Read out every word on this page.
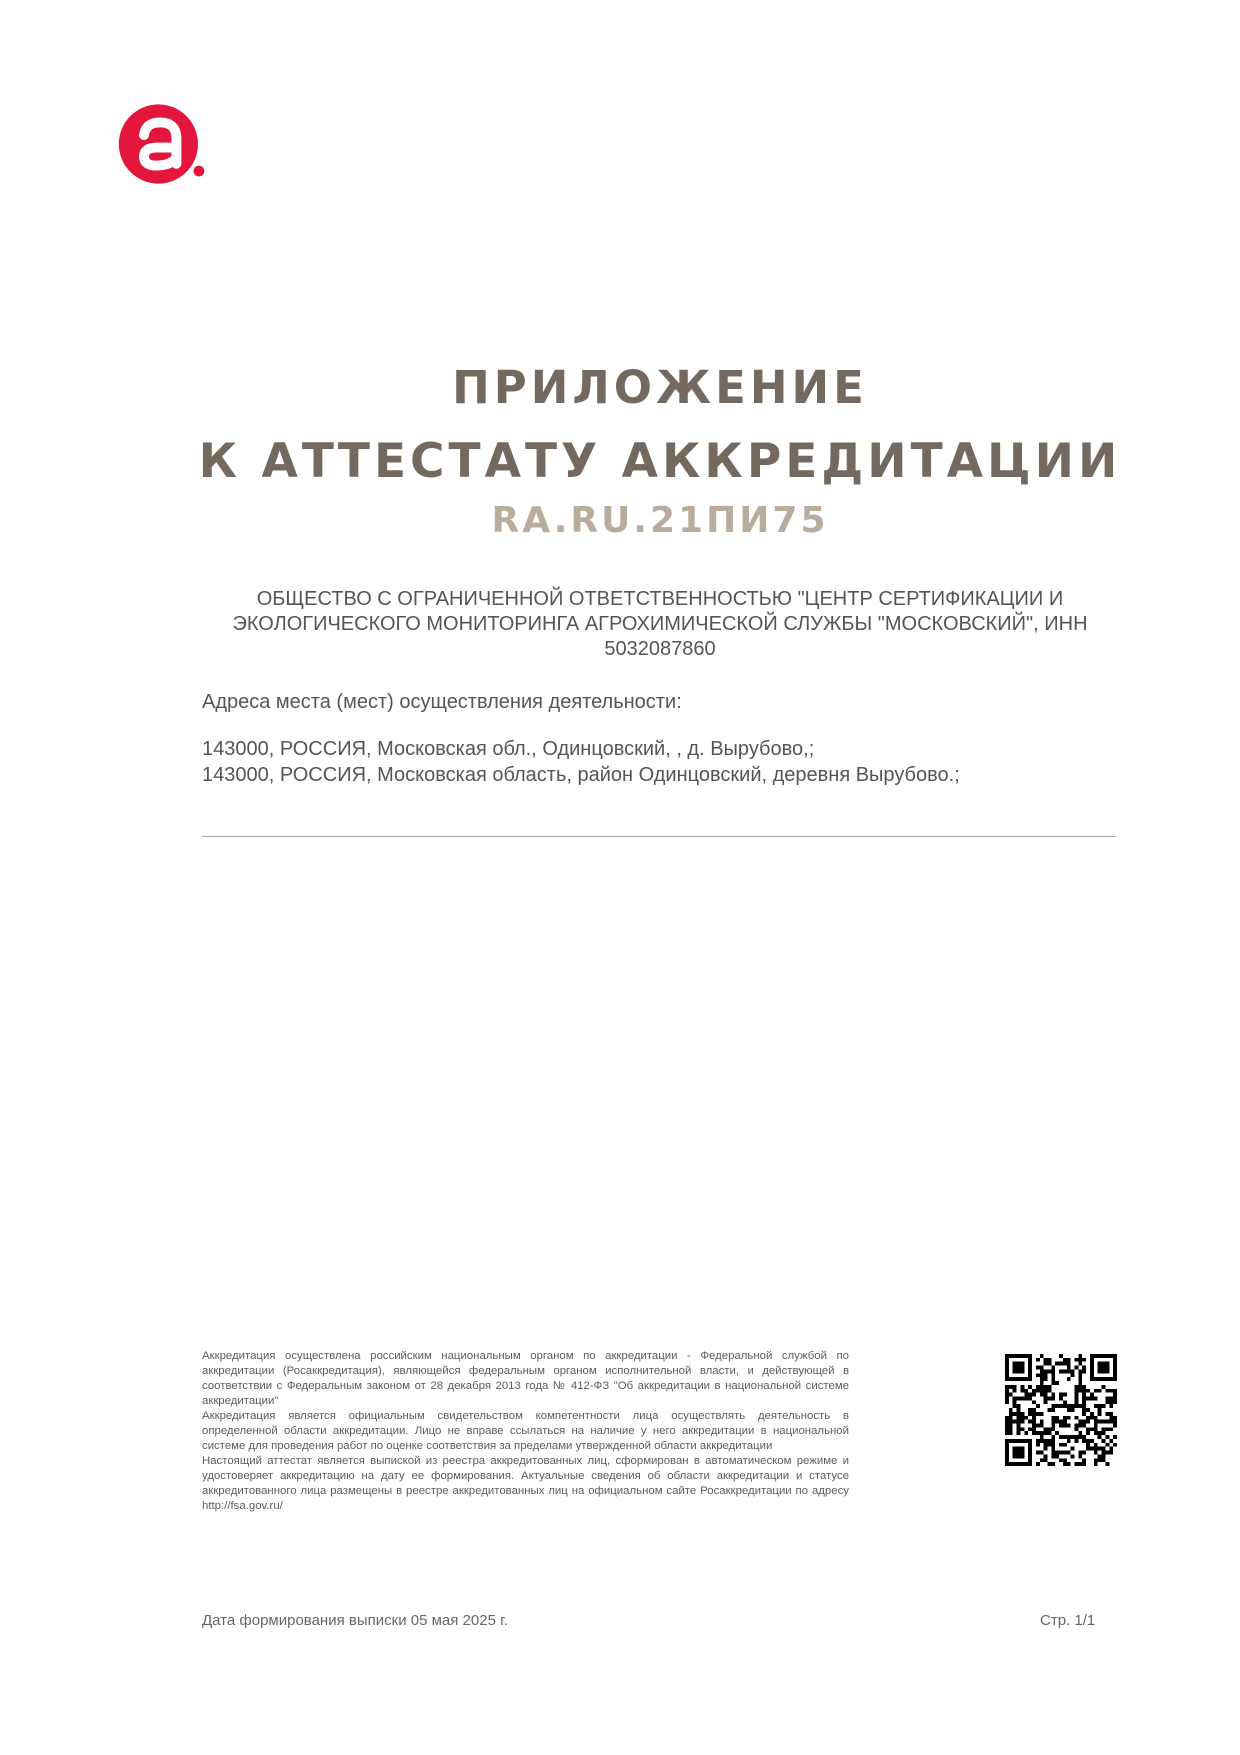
ПРИЛОЖЕНИЕ
К АТТЕСТАТУ АККРЕДИТАЦИИ
RA.RU.21ПИ75
ОБЩЕСТВО С ОГРАНИЧЕННОЙ ОТВЕТСТВЕННОСТЬЮ "ЦЕНТР СЕРТИФИКАЦИИ И
ЭКОЛОГИЧЕСКОГО МОНИТОРИНГА АГРОХИМИЧЕСКОЙ СЛУЖБЫ "МОСКОВСКИЙ", ИНН
5032087860
Адреса места (мест) осуществления деятельности:
143000, РОССИЯ, Московская обл., Одинцовский, , д. Вырубово,;
143000, РОССИЯ, Московская область, район Одинцовский, деревня Вырубово.;

Аккредитация осуществлена российским национальным органом по аккредитации - Федеральной службой по аккредитации (Росаккредитация), являющейся федеральным органом исполнительной власти, и действующей в соответствии с Федеральным законом от 28 декабря 2013 года № 412-ФЗ "Об аккредитации в национальной системе аккредитации"

Аккредитация является официальным свидетельством компетентности лица осуществлять деятельность в определенной области аккредитации. Лицо не вправе ссылаться на наличие у него аккредитации в национальной системе для проведения работ по оценке соответствия за пределами утвержденной области аккредитации

Настоящий аттестат является выпиской из реестра аккредитованных лиц, сформирован в автоматическом режиме и удостоверяет аккредитацию на дату ее формирования. Актуальные сведения об области аккредитации и статусе аккредитованного лица размещены в реестре аккредитованных лиц на официальном сайте Росаккредитации по адресу http://fsa.gov.ru/

Дата формирования выписки 05 мая 2025 г.	Стр. 1/1
